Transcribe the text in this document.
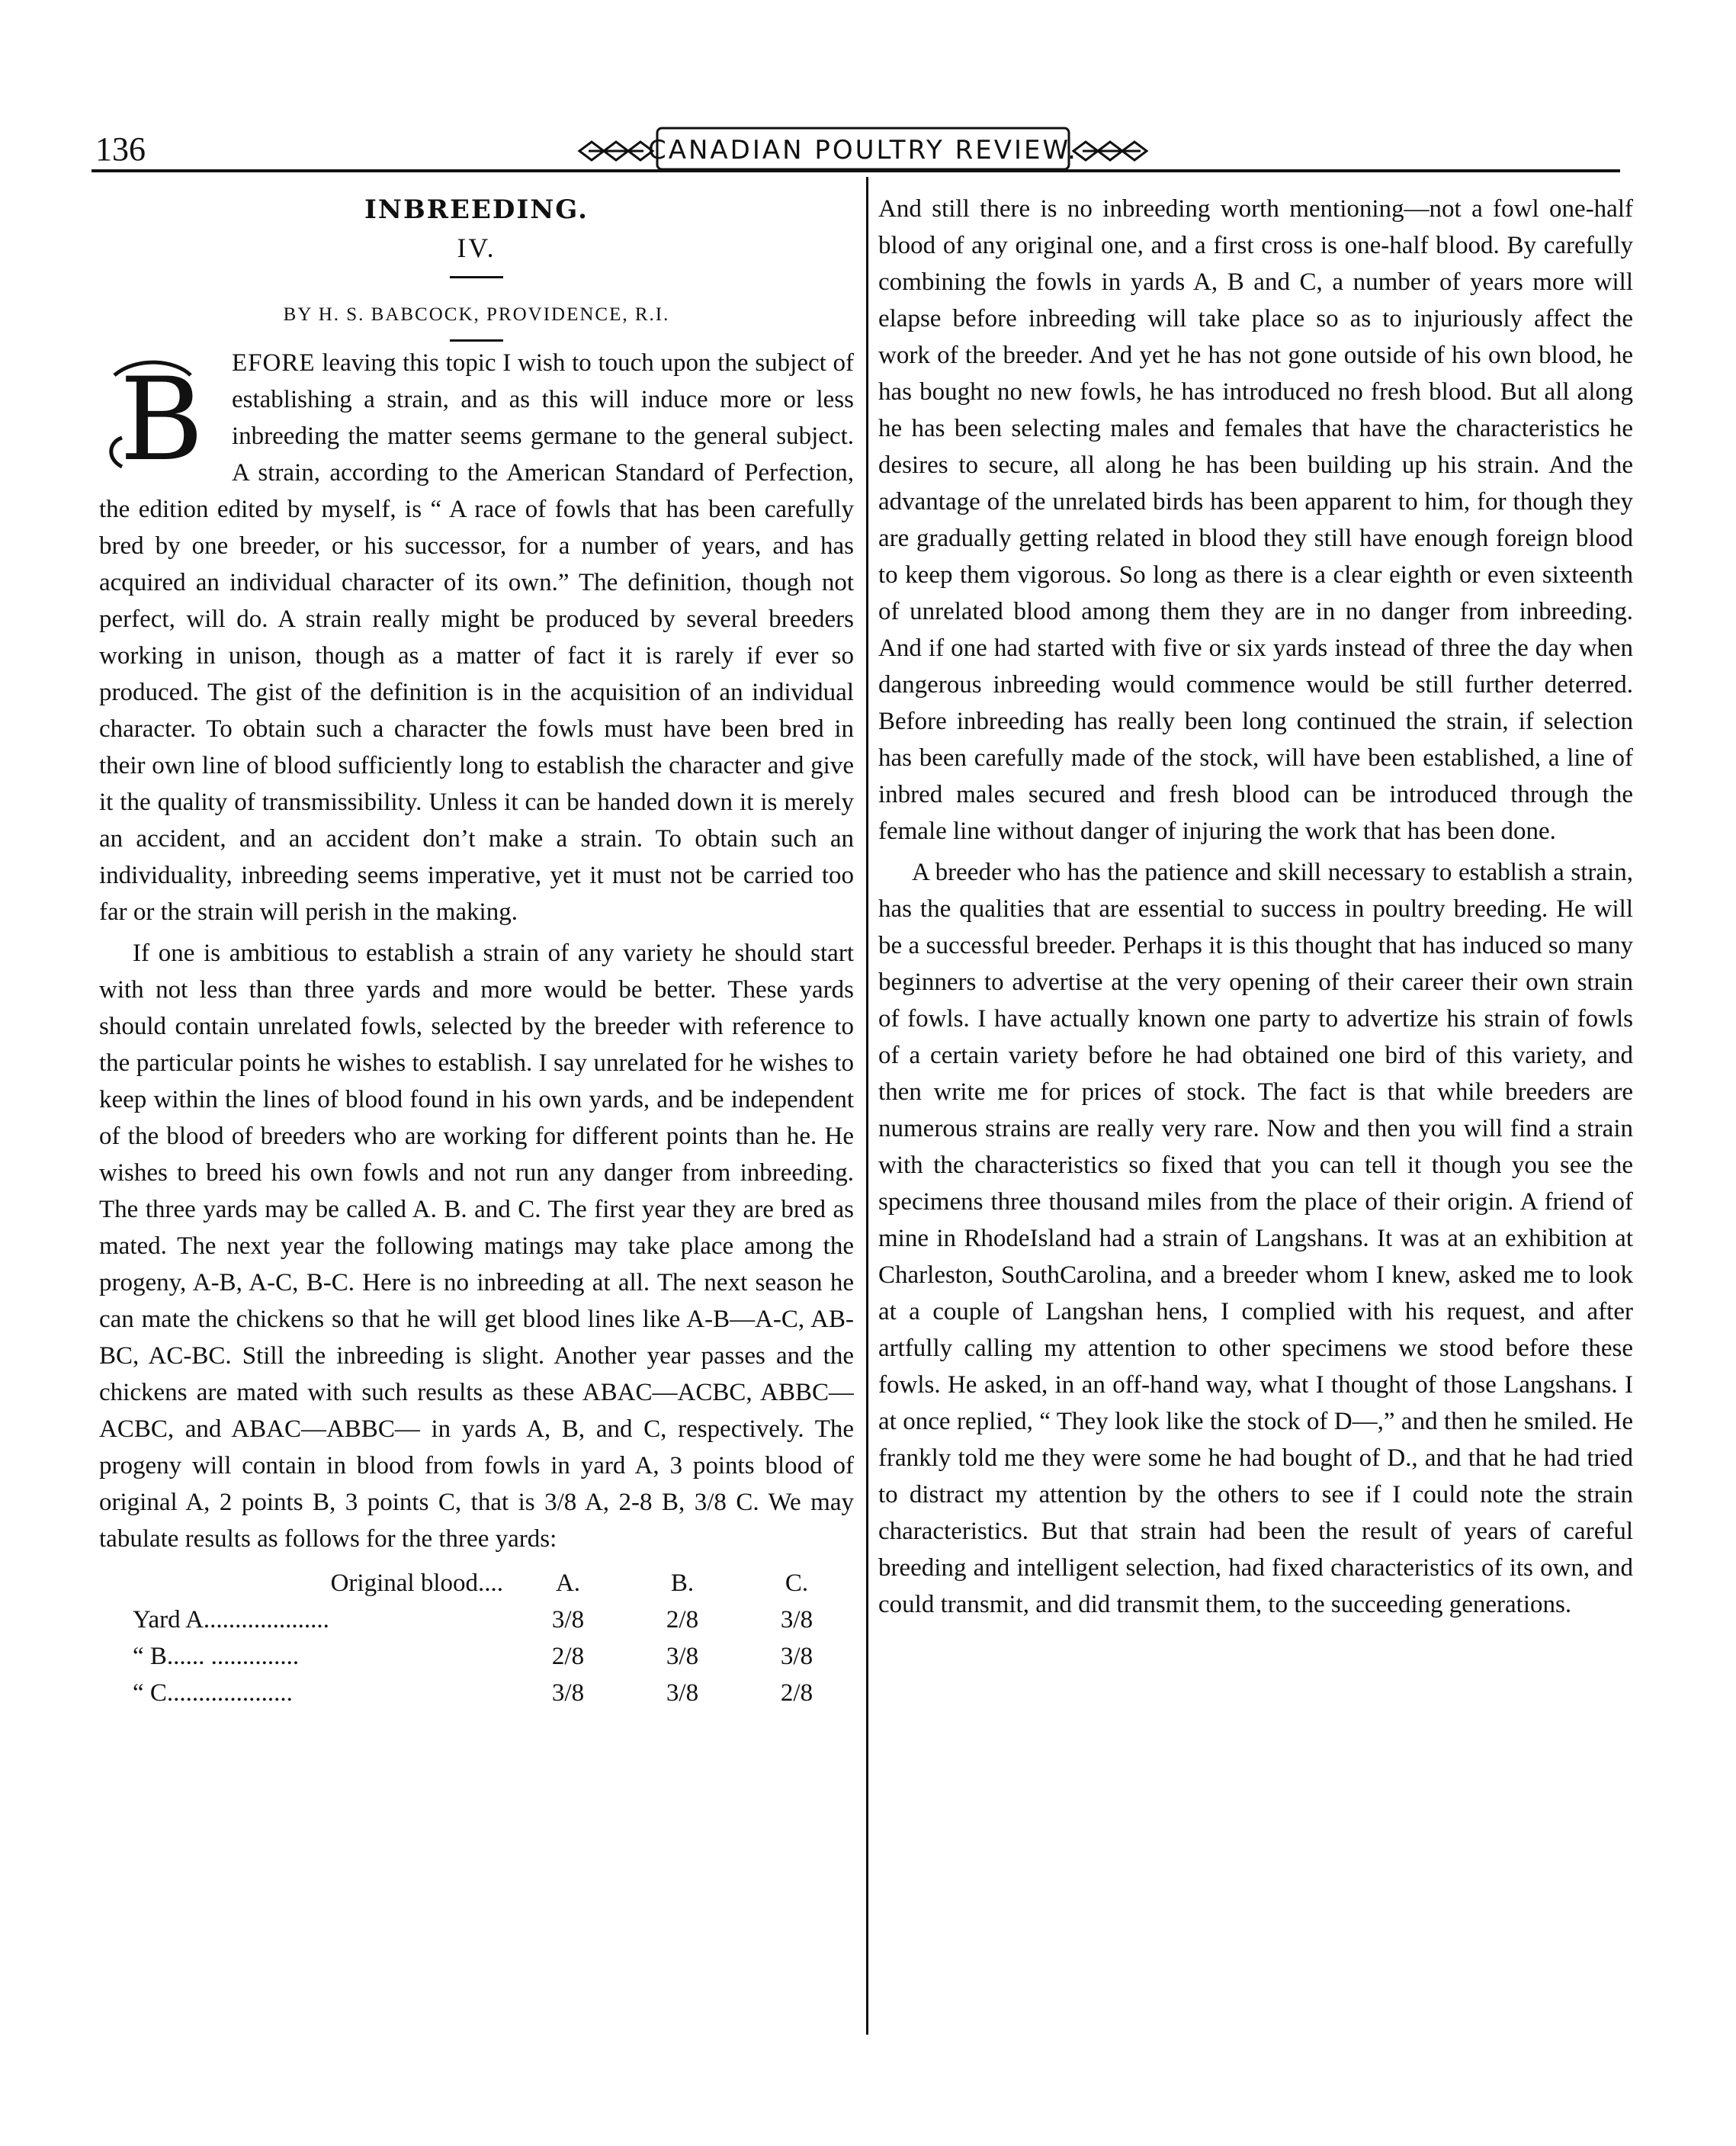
136	CANADIAN POULTRY REVIEW.

INBREEDING.

IV.

BY H. S. BABCOCK, PROVIDENCE, R.I.

B EFORE leaving this topic I wish to touch upon the subject of establishing a strain, and as this will induce more or less inbreeding the matter seems germane to the general subject. A strain, according to the American Standard of Perfection, the edition edited by myself, is “ A race of fowls that has been carefully bred by one breeder, or his successor, for a number of years, and has acquired an individual character of its own.” The definition, though not perfect, will do. A strain really might be produced by several breeders working in unison, though as a matter of fact it is rarely if ever so produced. The gist of the definition is in the acquisition of an individual character. To obtain such a character the fowls must have been bred in their own line of blood sufficiently long to establish the character and give it the quality of transmissibility. Unless it can be handed down it is merely an accident, and an accident don’t make a strain. To obtain such an individuality, inbreeding seems imperative, yet it must not be carried too far or the strain will perish in the making.

If one is ambitious to establish a strain of any variety he should start with not less than three yards and more would be better. These yards should contain unrelated fowls, selected by the breeder with reference to the particular points he wishes to establish. I say unrelated for he wishes to keep within the lines of blood found in his own yards, and be independent of the blood of breeders who are working for different points than he. He wishes to breed his own fowls and not run any danger from inbreeding. The three yards may be called A. B. and C. The first year they are bred as mated. The next year the following matings may take place among the progeny, A-B, A-C, B-C. Here is no inbreeding at all. The next season he can mate the chickens so that he will get blood lines like A-B—A-C, AB-BC, AC-BC. Still the inbreeding is slight. Another year passes and the chickens are mated with such results as these ABAC—ACBC, ABBC—ACBC, and ABAC—ABBC— in yards A, B, and C, respectively. The progeny will contain in blood from fowls in yard A, 3 points blood of original A, 2 points B, 3 points C, that is 3/8 A, 2-8 B, 3/8 C. We may tabulate results as follows for the three yards:

Original blood....	A.	B.	C.
Yard A....................	3/8	2/8	3/8
“ B...... ..............	2/8	3/8	3/8
“ C....................	3/8	3/8	2/8

And still there is no inbreeding worth mentioning—not a fowl one-half blood of any original one, and a first cross is one-half blood. By carefully combining the fowls in yards A, B and C, a number of years more will elapse before inbreeding will take place so as to injuriously affect the work of the breeder. And yet he has not gone outside of his own blood, he has bought no new fowls, he has introduced no fresh blood. But all along he has been selecting males and females that have the characteristics he desires to secure, all along he has been building up his strain. And the advantage of the unrelated birds has been apparent to him, for though they are gradually getting related in blood they still have enough foreign blood to keep them vigorous. So long as there is a clear eighth or even sixteenth of unrelated blood among them they are in no danger from inbreeding. And if one had started with five or six yards instead of three the day when dangerous inbreeding would commence would be still further deterred. Before inbreeding has really been long continued the strain, if selection has been carefully made of the stock, will have been established, a line of inbred males secured and fresh blood can be introduced through the female line without danger of injuring the work that has been done.

A breeder who has the patience and skill necessary to establish a strain, has the qualities that are essential to success in poultry breeding. He will be a successful breeder. Perhaps it is this thought that has induced so many beginners to advertise at the very opening of their career their own strain of fowls. I have actually known one party to advertize his strain of fowls of a certain variety before he had obtained one bird of this variety, and then write me for prices of stock. The fact is that while breeders are numerous strains are really very rare. Now and then you will find a strain with the characteristics so fixed that you can tell it though you see the specimens three thousand miles from the place of their origin. A friend of mine in RhodeIsland had a strain of Langshans. It was at an exhibition at Charleston, SouthCarolina, and a breeder whom I knew, asked me to look at a couple of Langshan hens, I complied with his request, and after artfully calling my attention to other specimens we stood before these fowls. He asked, in an off-hand way, what I thought of those Langshans. I at once replied, “ They look like the stock of D—,” and then he smiled. He frankly told me they were some he had bought of D., and that he had tried to distract my attention by the others to see if I could note the strain characteristics. But that strain had been the result of years of careful breeding and intelligent selection, had fixed characteristics of its own, and could transmit, and did transmit them, to the succeeding generations.
